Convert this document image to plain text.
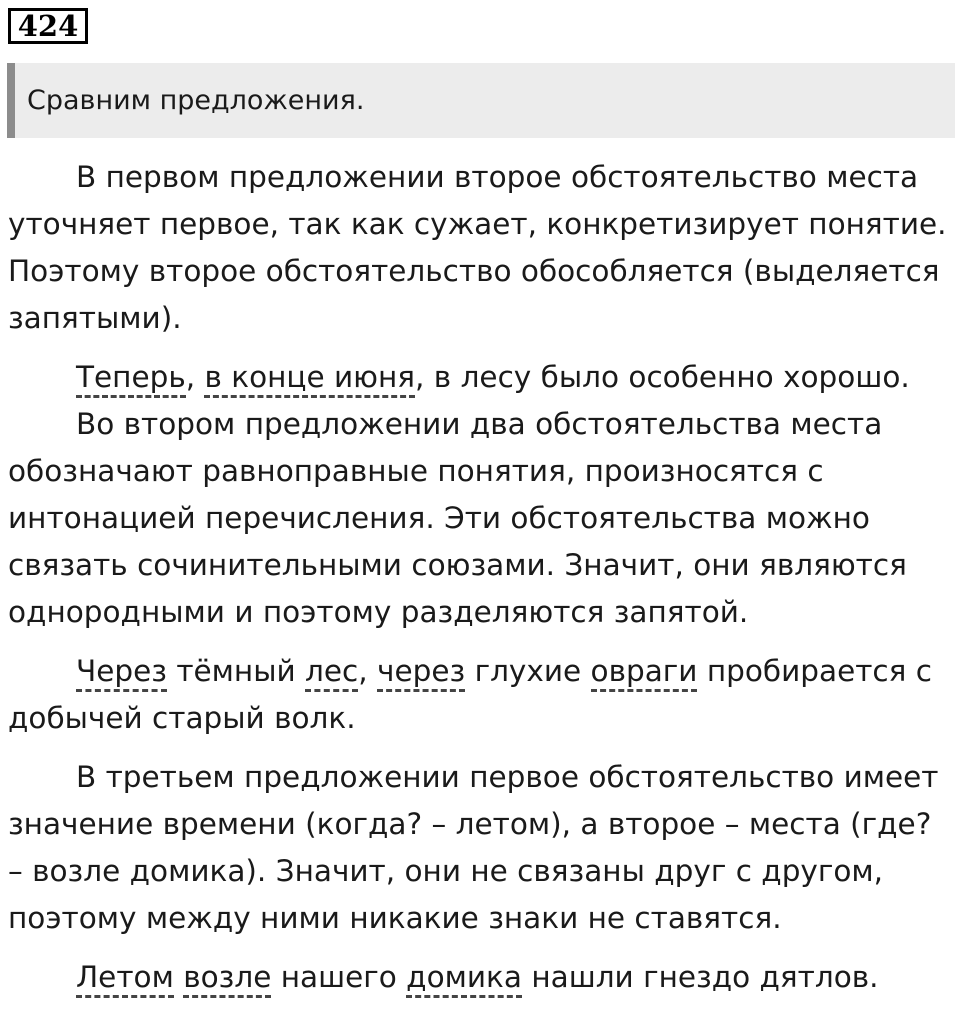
424
Сравним предложения.

В первом предложении второе обстоятельство места уточняет первое, так как сужает, конкретизирует понятие. Поэтому второе обстоятельство обособляется (выделяется запятыми).

Теперь , в конце июня , в лесу было особенно хорошо.

Во втором предложении два обстоятельства места обозначают равноправные понятия, произносятся с интонацией перечисления. Эти обстоятельства можно связать сочинительными союзами. Значит, они являются однородными и поэтому разделяются запятой.

Через тёмный лес , через глухие овраги пробирается с
добычей старый волк.

В третьем предложении первое обстоятельство имеет значение времени (когда? – летом), а второе – места (где? – возле домика). Значит, они не связаны друг с другом, поэтому между ними никакие знаки не ставятся.

Летом
возле нашего домика нашли гнездо дятлов.
